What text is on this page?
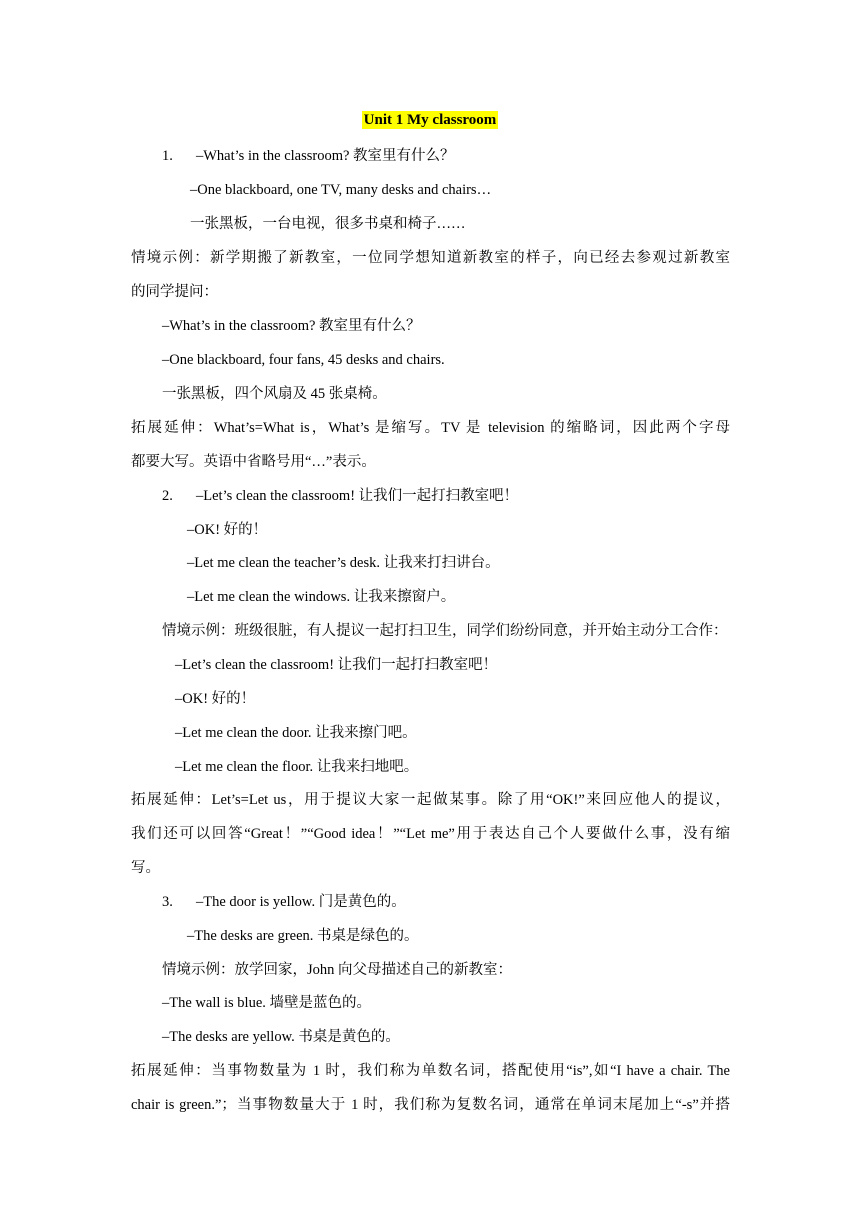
Unit 1 My classroom
1. –What’s in the classroom? 教室里有什么？
–One blackboard, one TV, many desks and chairs…
一张黑板，一台电视，很多书桌和椅子……
情境示例：新学期搬了新教室，一位同学想知道新教室的样子，向已经去参观过新教室
的同学提问：
–What’s in the classroom? 教室里有什么？
–One blackboard, four fans, 45 desks and chairs.
一张黑板，四个风扇及 45 张桌椅。
拓展延伸：What’s=What is，What’s 是缩写。TV 是 television 的缩略词，因此两个字母
都要大写。英语中省略号用“…”表示。
2. –Let’s clean the classroom! 让我们一起打扫教室吧！
–OK! 好的！
–Let me clean the teacher’s desk. 让我来打扫讲台。
–Let me clean the windows. 让我来擦窗户。
情境示例：班级很脏，有人提议一起打扫卫生，同学们纷纷同意，并开始主动分工合作：
–Let’s clean the classroom! 让我们一起打扫教室吧！
–OK! 好的！
–Let me clean the door. 让我来擦门吧。
–Let me clean the floor. 让我来扫地吧。
拓展延伸：Let’s=Let us，用于提议大家一起做某事。除了用“OK!”来回应他人的提议，
我们还可以回答“Great！”“Good idea！”“Let me”用于表达自己个人要做什么事，没有缩
写。
3. –The door is yellow. 门是黄色的。
–The desks are green. 书桌是绿色的。
情境示例：放学回家，John 向父母描述自己的新教室：
–The wall is blue. 墙壁是蓝色的。
–The desks are yellow. 书桌是黄色的。
拓展延伸：当事物数量为 1 时，我们称为单数名词，搭配使用“is”,如“I have a chair. The
chair is green.”；当事物数量大于 1 时，我们称为复数名词，通常在单词末尾加上“-s”并搭
